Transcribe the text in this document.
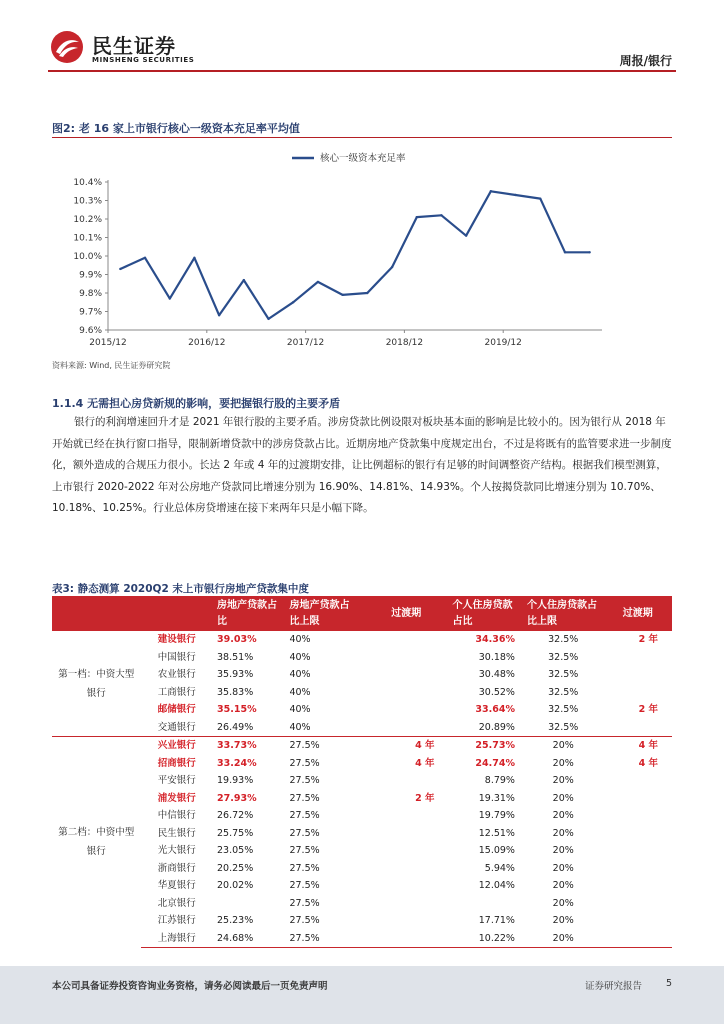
民生证券
MINSHENG SECURITIES	周报/银行
图2: 老 16 家上市银行核心一级资本充足率平均值
9.6%
9.7%
9.8%
9.9%
10.0%
10.1%
10.2%
10.3%
10.4%
2015/12	2016/12	2017/12	2018/12	2019/12
核心一级资本充足率
资料来源: Wind, 民生证券研究院
1.1.4 无需担心房贷新规的影响，要把握银行股的主要矛盾
银行的利润增速回升才是 2021 年银行股的主要矛盾。涉房贷款比例设限对板块基本面的影响是比较小的。因为银行从 2018 年开始就已经在执行窗口指导，限制新增贷款中的涉房贷款占比。近期房地产贷款集中度规定出台，不过是将既有的监管要求进一步制度化，额外造成的合规压力很小。长达 2 年或 4 年的过渡期安排，让比例超标的银行有足够的时间调整资产结构。根据我们模型测算，上市银行 2020-2022 年对公房地产贷款同比增速分别为 16.90%、14.81%、14.93%。个人按揭贷款同比增速分别为 10.70%、10.18%、10.25%。行业总体房贷增速在接下来两年只是小幅下降。
表3: 静态测算 2020Q2 末上市银行房地产贷款集中度

		房地产贷款占比	房地产贷款占比上限	过渡期	个人住房贷款占比	个人住房贷款占比上限	过渡期
第一档：中资大型银行	建设银行	39.03%	40%		34.36%	32.5%	2 年
	中国银行	38.51%	40%		30.18%	32.5%	
	农业银行	35.93%	40%		30.48%	32.5%	
	工商银行	35.83%	40%		30.52%	32.5%	
	邮储银行	35.15%	40%		33.64%	32.5%	2 年
	交通银行	26.49%	40%		20.89%	32.5%	
第二档：中资中型银行	兴业银行	33.73%	27.5%	4 年	25.73%	20%	4 年
	招商银行	33.24%	27.5%	4 年	24.74%	20%	4 年
	平安银行	19.93%	27.5%		8.79%	20%	
	浦发银行	27.93%	27.5%	2 年	19.31%	20%	
	中信银行	26.72%	27.5%		19.79%	20%	
	民生银行	25.75%	27.5%		12.51%	20%	
	光大银行	23.05%	27.5%		15.09%	20%	
	浙商银行	20.25%	27.5%		5.94%	20%	
	华夏银行	20.02%	27.5%		12.04%	20%	
	北京银行		27.5%			20%	
	江苏银行	25.23%	27.5%		17.71%	20%	
	上海银行	24.68%	27.5%		10.22%	20%	
本公司具备证券投资咨询业务资格，请务必阅读最后一页免责声明	证券研究报告	5
